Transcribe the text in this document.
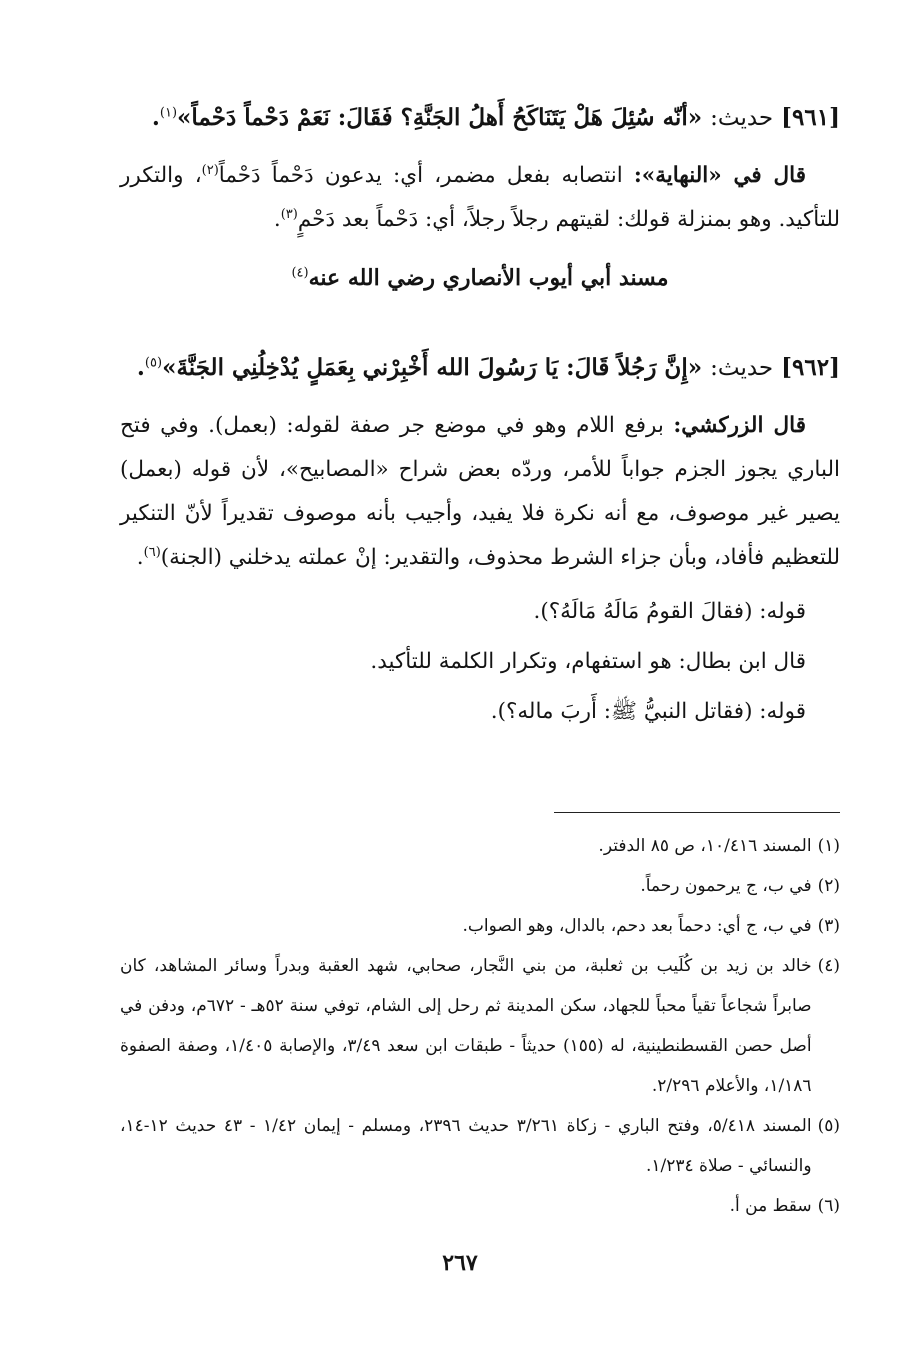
[٩٦١] حديث: «أنّه سُئِلَ هَلْ يَتَنَاكَحُ أَهلُ الجَنَّةِ؟ فَقَالَ: نَعَمْ دَحْماً دَحْماً»$^{(١)}$.

قال في «النهاية»: انتصابه بفعل مضمر، أي: يدعون دَحْماً دَحْماً$^{(٢)}$، والتكرر للتأكيد. وهو بمنزلة قولك: لقيتهم رجلاً رجلاً، أي: دَحْماً بعد دَحْمٍ$^{(٣)}$.

مسند أبي أيوب الأنصاري رضي الله عنه$^{(٤)}$

[٩٦٢] حديث: «إِنَّ رَجُلاً قَالَ: يَا رَسُولَ الله أَخْبِرْني بِعَمَلٍ يُدْخِلُنِي الجَنَّةَ»$^{(٥)}$.

قال الزركشي: برفع اللام وهو في موضع جر صفة لقوله: (بعمل). وفي فتح الباري يجوز الجزم جواباً للأمر، وردّه بعض شراح «المصابيح»، لأن قوله (بعمل) يصير غير موصوف، مع أنه نكرة فلا يفيد، وأجيب بأنه موصوف تقديراً لأنّ التنكير للتعظيم فأفاد، وبأن جزاء الشرط محذوف، والتقدير: إنْ عملته يدخلني (الجنة)$^{(٦)}$.

قوله: (فقالَ القومُ مَالَهُ مَالَهُ؟).

قال ابن بطال: هو استفهام، وتكرار الكلمة للتأكيد.

قوله: (فقاتل النبيُّ ﷺ: أَربَ ماله؟).

(١)
المسند ١٠/٤١٦، ص ٨٥ الدفتر.
(٢)
في ب، ج يرحمون رحماً.
(٣)
في ب، ج أي: دحماً بعد دحم، بالدال، وهو الصواب.
(٤)
خالد بن زيد بن كُلَيب بن ثعلبة، من بني النَّجار، صحابي، شهد العقبة وبدراً وسائر المشاهد، كان صابراً شجاعاً تقياً محباً للجهاد، سكن المدينة ثم رحل إلى الشام، توفي سنة ٥٢هـ - ٦٧٢م، ودفن في أصل حصن القسطنطينية، له (١٥٥) حديثاً - طبقات ابن سعد ٣/٤٩، والإصابة ١/٤٠٥، وصفة الصفوة ١/١٨٦، والأعلام ٢/٢٩٦.
(٥)
المسند ٥/٤١٨، وفتح الباري - زكاة ٣/٢٦١ حديث ٢٣٩٦، ومسلم - إيمان ١/٤٢ - ٤٣ حديث ١٢-١٤، والنسائي - صلاة ١/٢٣٤.
(٦)
سقط من أ.
٢٦٧
